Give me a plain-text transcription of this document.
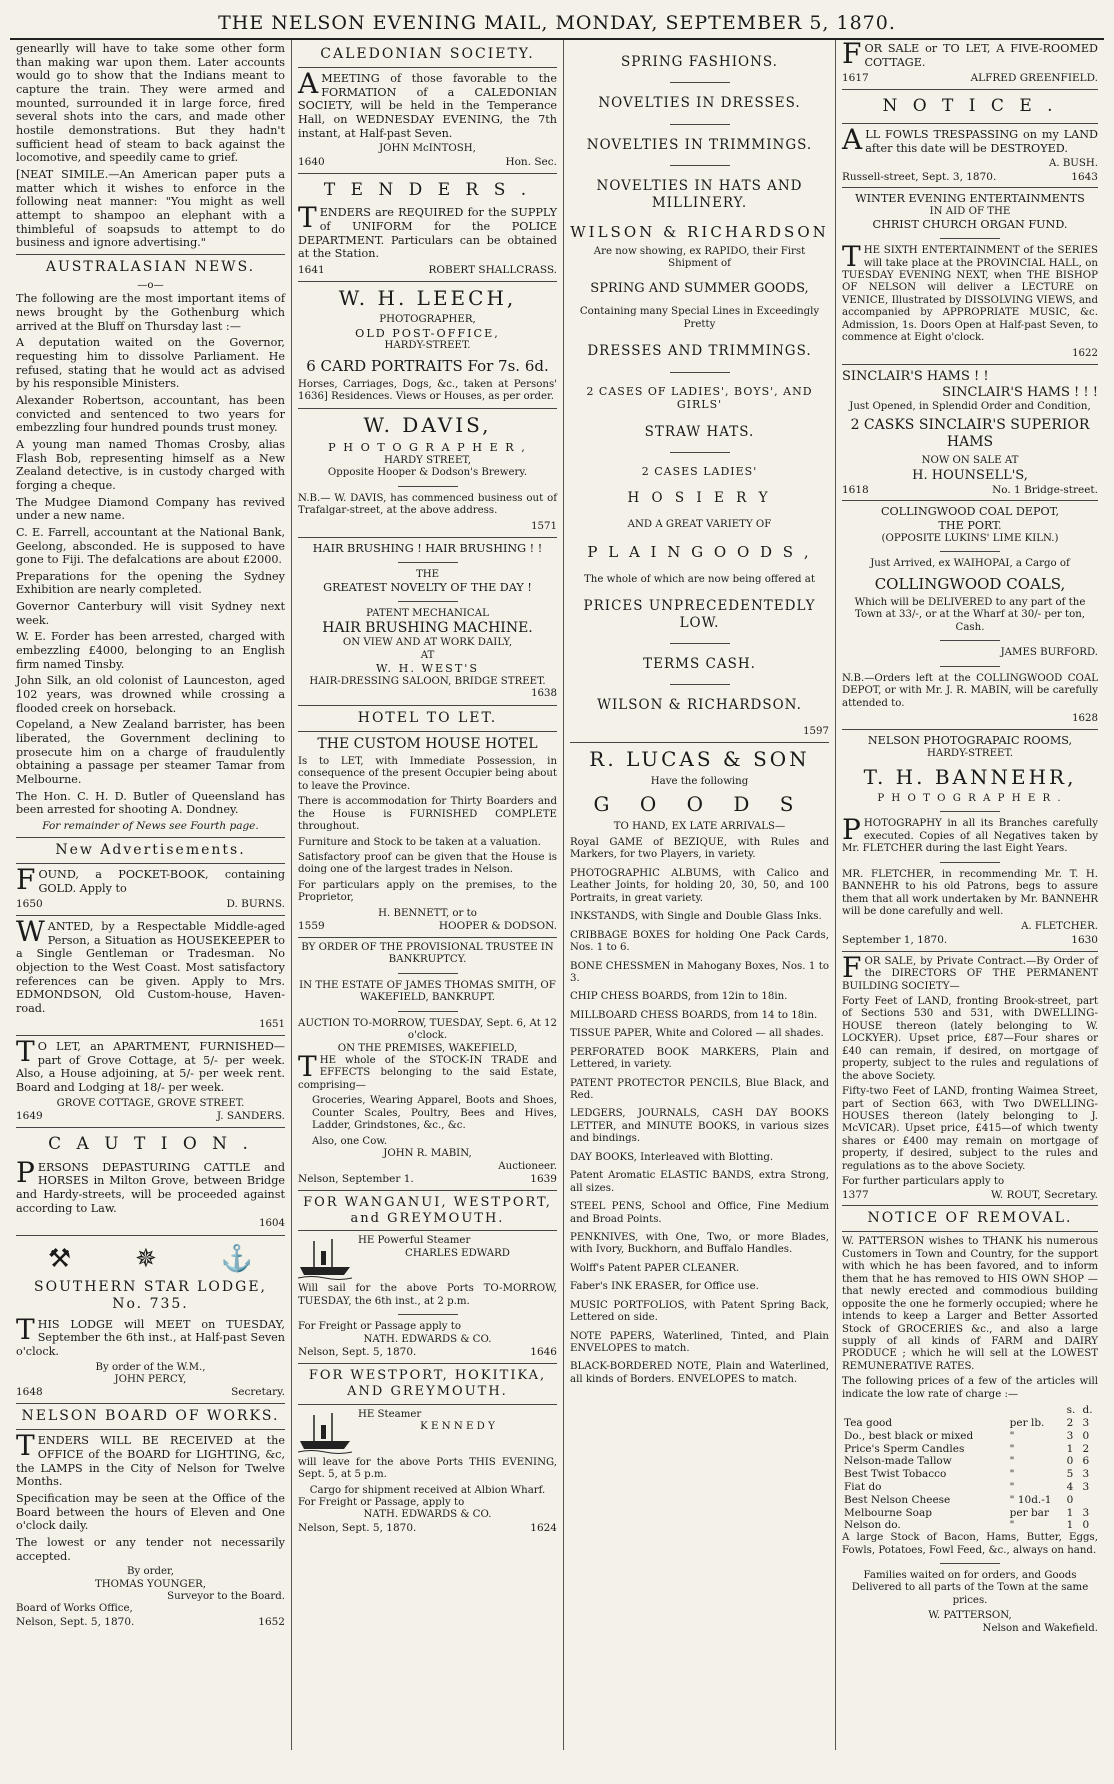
THE NELSON EVENING MAIL, MONDAY, SEPTEMBER 5, 1870.

genearlly will have to take some other form than making war upon them. Later accounts would go to show that the Indians meant to capture the train. They were armed and mounted, surrounded it in large force, fired several shots into the cars, and made other hostile demonstrations. But they hadn't sufficient head of steam to back against the locomotive, and speedily came to grief.

[NEAT SIMILE.—An American paper puts a matter which it wishes to enforce in the following neat manner: "You might as well attempt to shampoo an elephant with a thimbleful of soapsuds to attempt to do business and ignore advertising."

AUSTRALASIAN NEWS.
—o—

The following are the most important items of news brought by the Gothenburg which arrived at the Bluff on Thursday last :—

A deputation waited on the Governor, requesting him to dissolve Parliament. He refused, stating that he would act as advised by his responsible Ministers.

Alexander Robertson, accountant, has been convicted and sentenced to two years for embezzling four hundred pounds trust money.

A young man named Thomas Crosby, alias Flash Bob, representing himself as a New Zealand detective, is in custody charged with forging a cheque.

The Mudgee Diamond Company has revived under a new name.

C. E. Farrell, accountant at the National Bank, Geelong, absconded. He is supposed to have gone to Fiji. The defalcations are about £2000.

Preparations for the opening the Sydney Exhibition are nearly completed.

Governor Canterbury will visit Sydney next week.

W. E. Forder has been arrested, charged with embezzling £4000, belonging to an English firm named Tinsby.

John Silk, an old colonist of Launceston, aged 102 years, was drowned while crossing a flooded creek on horseback.

Copeland, a New Zealand barrister, has been liberated, the Government declining to prosecute him on a charge of fraudulently obtaining a passage per steamer Tamar from Melbourne.

The Hon. C. H. D. Butler of Queensland has been arrested for shooting A. Dondney.

For remainder of News see Fourth page.
New Advertisements.

FOUND, a POCKET-BOOK, containing GOLD. Apply to

1650	D. BURNS.

WANTED, by a Respectable Middle-aged Person, a Situation as HOUSEKEEPER to a Single Gentleman or Tradesman. No objection to the West Coast. Most satisfactory references can be given. Apply to Mrs. EDMONDSON, Old Custom-house, Haven-road.

1651

T O LET, an APARTMENT, FURNISHED—part of Grove Cottage, at 5/- per week. Also, a House adjoining, at 5/- per week rent. Board and Lodging at 18/- per week.

GROVE COTTAGE, GROVE STREET.
1649	J. SANDERS.
C A U T I O N .

PERSONS DEPASTURING CATTLE and HORSES in Milton Grove, between Bridge and Hardy-streets, will be proceeded against according to Law.

1604
⚒ ✵ ⚓
SOUTHERN STAR LODGE, No. 735.

THIS LODGE will MEET on TUESDAY, September the 6th inst., at Half-past Seven o'clock.

By order of the W.M.,
JOHN PERCY,
1648	Secretary.
NELSON BOARD OF WORKS.

TENDERS WILL BE RECEIVED at the OFFICE of the BOARD for LIGHTING, &c, the LAMPS in the City of Nelson for Twelve Months.

Specification may be seen at the Office of the Board between the hours of Eleven and One o'clock daily.

The lowest or any tender not necessarily accepted.

By order,
THOMAS YOUNGER,
Surveyor to the Board.
Board of Works Office,
Nelson, Sept. 5, 1870.	1652
CALEDONIAN SOCIETY.

AMEETING of those favorable to the FORMATION of a CALEDONIAN SOCIETY, will be held in the Temperance Hall, on WEDNESDAY EVENING, the 7th instant, at Half-past Seven.

JOHN McINTOSH,
1640	Hon. Sec.
T E N D E R S .

TENDERS are REQUIRED for the SUPPLY of UNIFORM for the POLICE DEPARTMENT. Particulars can be obtained at the Station.

1641	ROBERT SHALLCRASS.
W. H. LEECH,
PHOTOGRAPHER,
OLD POST-OFFICE,
HARDY-STREET.
6 CARD PORTRAITS For 7s. 6d.

Horses, Carriages, Dogs, &c., taken at Persons' 1636] Residences. Views or Houses, as per order.

W. DAVIS,
P H O T O G R A P H E R ,
HARDY STREET,
Opposite Hooper & Dodson's Brewery.

N.B.— W. DAVIS, has commenced business out of Trafalgar-street, at the above address.

1571
HAIR BRUSHING ! HAIR BRUSHING ! !
THE
GREATEST NOVELTY OF THE DAY !
PATENT MECHANICAL
HAIR BRUSHING MACHINE.
ON VIEW AND AT WORK DAILY,
AT
W. H. WEST'S
HAIR-DRESSING SALOON, BRIDGE STREET.
1638
HOTEL TO LET.
THE CUSTOM HOUSE HOTEL

Is to LET, with Immediate Possession, in consequence of the present Occupier being about to leave the Province.

There is accommodation for Thirty Boarders and the House is FURNISHED COMPLETE throughout.

Furniture and Stock to be taken at a valuation.

Satisfactory proof can be given that the House is doing one of the largest trades in Nelson.

For particulars apply on the premises, to the Proprietor,

H. BENNETT, or to
1559	HOOPER & DODSON.
BY ORDER OF THE PROVISIONAL TRUSTEE IN BANKRUPTCY.
IN THE ESTATE OF JAMES THOMAS SMITH, OF WAKEFIELD, BANKRUPT.
AUCTION TO-MORROW, TUESDAY, Sept. 6, At 12 o'clock.
ON THE PREMISES, WAKEFIELD,

THE whole of the STOCK-IN TRADE and EFFECTS belonging to the said Estate, comprising—

Groceries, Wearing Apparel, Boots and Shoes, Counter Scales, Poultry, Bees and Hives, Ladder, Grindstones, &c., &c.

Also, one Cow.
JOHN R. MABIN,
Auctioneer.
Nelson, September 1.	1639
FOR WANGANUI, WESTPORT, and GREYMOUTH.
HE Powerful Steamer
CHARLES EDWARD

Will sail for the above Ports TO-MORROW, TUESDAY, the 6th inst., at 2 p.m.

For Freight or Passage apply to
NATH. EDWARDS & CO.
Nelson, Sept. 5, 1870.	1646
FOR WESTPORT, HOKITIKA, AND GREYMOUTH.
HE Steamer
K E N N E D Y

will leave for the above Ports THIS EVENING, Sept. 5, at 5 p.m.

Cargo for shipment received at Albion Wharf.
For Freight or Passage, apply to
NATH. EDWARDS & CO.
Nelson, Sept. 5, 1870.	1624
SPRING FASHIONS.
NOVELTIES IN DRESSES.
NOVELTIES IN TRIMMINGS.
NOVELTIES IN HATS AND MILLINERY.
WILSON & RICHARDSON
Are now showing, ex RAPIDO, their First Shipment of
SPRING AND SUMMER GOODS,
Containing many Special Lines in Exceedingly Pretty
DRESSES AND TRIMMINGS.
2 CASES OF LADIES', BOYS', AND GIRLS'
STRAW HATS.
2 CASES LADIES'
H O S I E R Y
AND A GREAT VARIETY OF
P L A I N G O O D S ,
The whole of which are now being offered at
PRICES UNPRECEDENTEDLY LOW.
TERMS CASH.
WILSON & RICHARDSON.
1597
R. LUCAS & SON
Have the following
G O O D S
TO HAND, EX LATE ARRIVALS—

Royal GAME of BEZIQUE, with Rules and Markers, for two Players, in variety.

PHOTOGRAPHIC ALBUMS, with Calico and Leather Joints, for holding 20, 30, 50, and 100 Portraits, in great variety.

INKSTANDS, with Single and Double Glass Inks.

CRIBBAGE BOXES for holding One Pack Cards, Nos. 1 to 6.

BONE CHESSMEN in Mahogany Boxes, Nos. 1 to 3.

CHIP CHESS BOARDS, from 12in to 18in.

MILLBOARD CHESS BOARDS, from 14 to 18in.

TISSUE PAPER, White and Colored — all shades.

PERFORATED BOOK MARKERS, Plain and Lettered, in variety.

PATENT PROTECTOR PENCILS, Blue Black, and Red.

LEDGERS, JOURNALS, CASH DAY BOOKS LETTER, and MINUTE BOOKS, in various sizes and bindings.

DAY BOOKS, Interleaved with Blotting.

Patent Aromatic ELASTIC BANDS, extra Strong, all sizes.

STEEL PENS, School and Office, Fine Medium and Broad Points.

PENKNIVES, with One, Two, or more Blades, with Ivory, Buckhorn, and Buffalo Handles.

Wolff's Patent PAPER CLEANER.

Faber's INK ERASER, for Office use.

MUSIC PORTFOLIOS, with Patent Spring Back, Lettered on side.

NOTE PAPERS, Waterlined, Tinted, and Plain ENVELOPES to match.

BLACK-BORDERED NOTE, Plain and Waterlined, all kinds of Borders. ENVELOPES to match.

FOR SALE or TO LET, A FIVE-ROOMED COTTAGE.

1617	ALFRED GREENFIELD.
N O T I C E .

ALL FOWLS TRESPASSING on my LAND after this date will be DESTROYED.

A. BUSH.
Russell-street, Sept. 3, 1870.	1643
WINTER EVENING ENTERTAINMENTS
IN AID OF THE
CHRIST CHURCH ORGAN FUND.

THE SIXTH ENTERTAINMENT of the SERIES will take place at the PROVINCIAL HALL, on TUESDAY EVENING NEXT, when THE BISHOP OF NELSON will deliver a LECTURE on VENICE, Illustrated by DISSOLVING VIEWS, and accompanied by APPROPRIATE MUSIC, &c. Admission, 1s. Doors Open at Half-past Seven, to commence at Eight o'clock.

1622
SINCLAIR'S HAMS ! !
SINCLAIR'S HAMS ! ! !
Just Opened, in Splendid Order and Condition,
2 CASKS SINCLAIR'S SUPERIOR HAMS
NOW ON SALE AT
H. HOUNSELL'S,
1618	No. 1 Bridge-street.
COLLINGWOOD COAL DEPOT,
THE PORT.
(OPPOSITE LUKINS' LIME KILN.)
Just Arrived, ex WAIHOPAI, a Cargo of
COLLINGWOOD COALS,

Which will be DELIVERED to any part of the Town at 33/-, or at the Wharf at 30/- per ton, Cash.

JAMES BURFORD.

N.B.—Orders left at the COLLINGWOOD COAL DEPOT, or with Mr. J. R. MABIN, will be carefully attended to.

1628
NELSON PHOTOGRAPAIC ROOMS,
HARDY-STREET.
T. H. BANNEHR,
P H O T O G R A P H E R .

PHOTOGRAPHY in all its Branches carefully executed. Copies of all Negatives taken by Mr. FLETCHER during the last Eight Years.

MR. FLETCHER, in recommending Mr. T. H. BANNEHR to his old Patrons, begs to assure them that all work undertaken by Mr. BANNEHR will be done carefully and well.

A. FLETCHER.
September 1, 1870.	1630

FOR SALE, by Private Contract.—By Order of the DIRECTORS OF THE PERMANENT BUILDING SOCIETY—

Forty Feet of LAND, fronting Brook-street, part of Sections 530 and 531, with DWELLING-HOUSE thereon (lately belonging to W. LOCKYER). Upset price, £87—Four shares or £40 can remain, if desired, on mortgage of property, subject to the rules and regulations of the above Society.

Fifty-two Feet of LAND, fronting Waimea Street, part of Section 663, with Two DWELLING-HOUSES thereon (lately belonging to J. McVICAR). Upset price, £415—of which twenty shares or £400 may remain on mortgage of property, if desired, subject to the rules and regulations as to the above Society.

For further particulars apply to
1377	W. ROUT, Secretary.
NOTICE OF REMOVAL.

W. PATTERSON wishes to THANK his numerous Customers in Town and Country, for the support with which he has been favored, and to inform them that he has removed to HIS OWN SHOP — that newly erected and commodious building opposite the one he formerly occupied; where he intends to keep a Larger and Better Assorted Stock of GROCERIES &c., and also a large supply of all kinds of FARM and DAIRY PRODUCE ; which he will sell at the LOWEST REMUNERATIVE RATES.

The following prices of a few of the articles will indicate the low rate of charge :—

		s.	d.
Tea good	per lb.	2	3
Do., best black or mixed	"	3	0
Price's Sperm Candles	"	1	2
Nelson-made Tallow	"	0	6
Best Twist Tobacco	"	5	3
Fiat do	"	4	3
Best Nelson Cheese	" 10d.-1	0	
Melbourne Soap	per bar	1	3
Nelson do.	"	1	0

A large Stock of Bacon, Hams, Butter, Eggs, Fowls, Potatoes, Fowl Feed, &c., always on hand.

Families waited on for orders, and Goods Delivered to all parts of the Town at the same prices.

W. PATTERSON,
Nelson and Wakefield.
